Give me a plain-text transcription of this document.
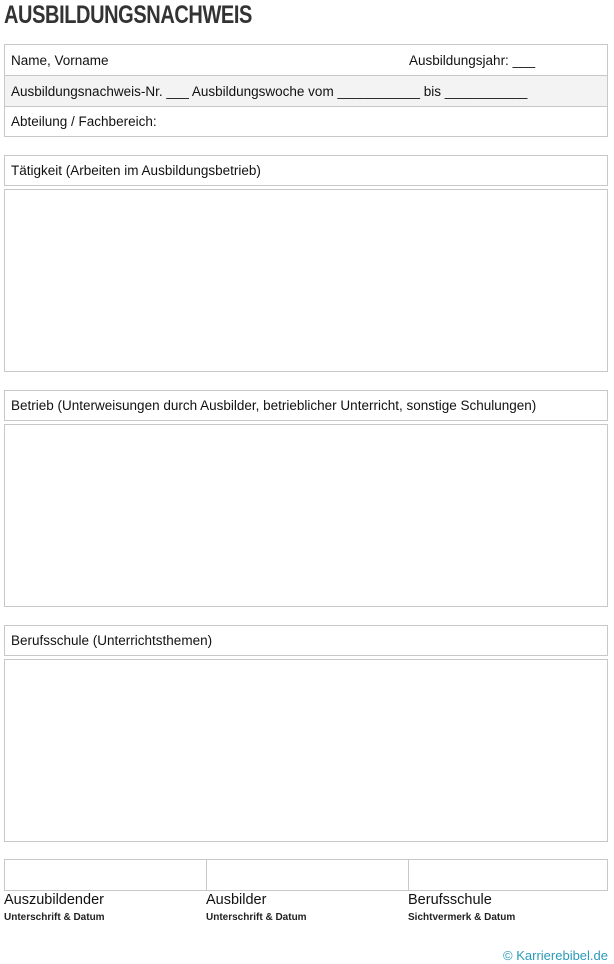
AUSBILDUNGSNACHWEIS
Name, Vorname	Ausbildungsjahr: ___
Ausbildungsnachweis-Nr. ___ Ausbildungswoche vom ___________ bis ___________
Abteilung / Fachbereich:
Tätigkeit (Arbeiten im Ausbildungsbetrieb)
Betrieb (Unterweisungen durch Ausbilder, betrieblicher Unterricht, sonstige Schulungen)
Berufsschule (Unterrichtsthemen)
Auszubildender
Unterschrift & Datum
Ausbilder
Unterschrift & Datum
Berufsschule
Sichtvermerk & Datum
© Karrierebibel.de
